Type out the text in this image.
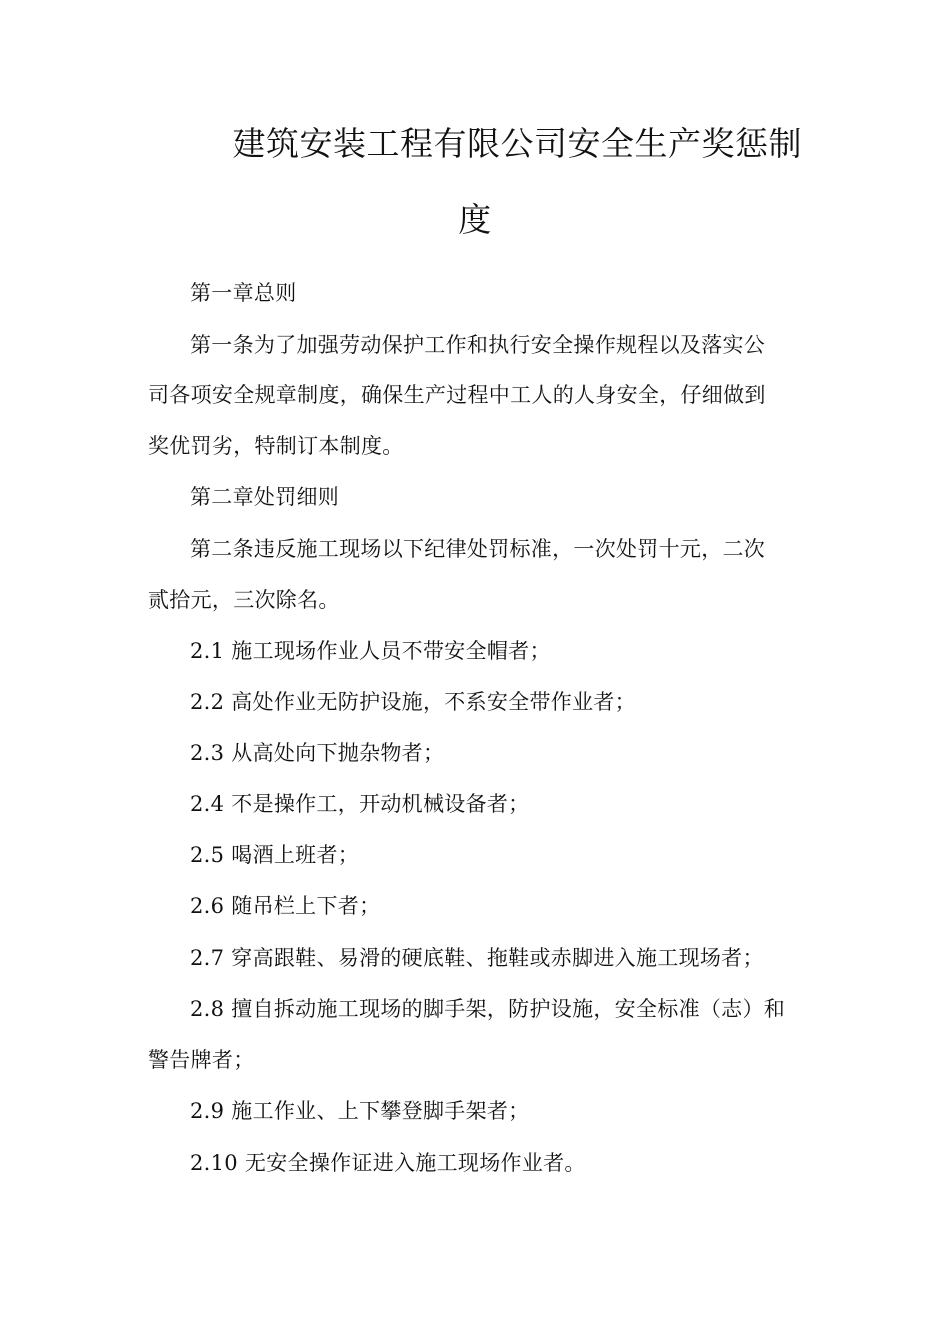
建筑安装工程有限公司安全生产奖惩制
度
第一章总则
第一条为了加强劳动保护工作和执行安全操作规程以及落实公
司各项安全规章制度，确保生产过程中工人的人身安全，仔细做到
奖优罚劣，特制订本制度。
第二章处罚细则
第二条违反施工现场以下纪律处罚标准，一次处罚十元，二次
贰拾元，三次除名。
2.1 施工现场作业人员不带安全帽者；
2.2 高处作业无防护设施，不系安全带作业者；
2.3 从高处向下抛杂物者；
2.4 不是操作工，开动机械设备者；
2.5 喝酒上班者；
2.6 随吊栏上下者；
2.7 穿高跟鞋、易滑的硬底鞋、拖鞋或赤脚进入施工现场者；
2.8 擅自拆动施工现场的脚手架，防护设施，安全标准（志）和
警告牌者；
2.9 施工作业、上下攀登脚手架者；
2.10 无安全操作证进入施工现场作业者。
